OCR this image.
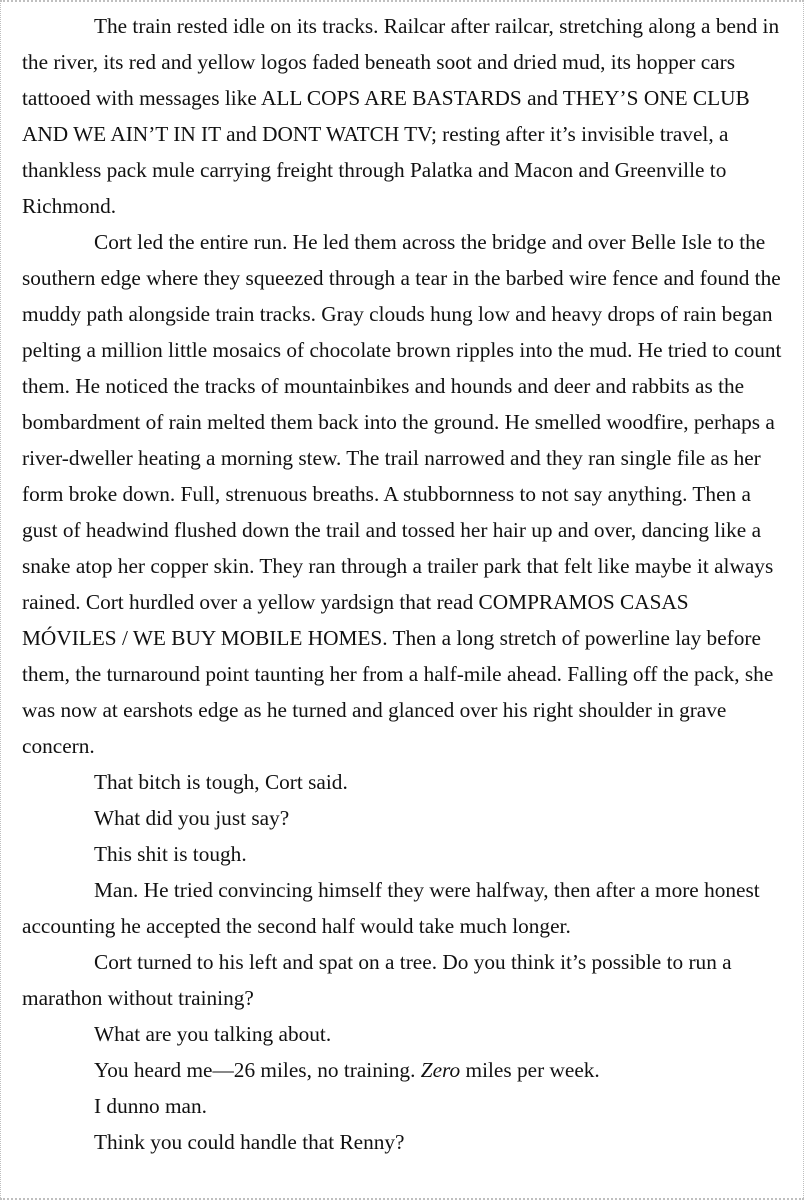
The train rested idle on its tracks. Railcar after railcar, stretching along a bend in the river, its red and yellow logos faded beneath soot and dried mud, its hopper cars tattooed with messages like ALL COPS ARE BASTARDS and THEY’S ONE CLUB AND WE AIN’T IN IT and DONT WATCH TV; resting after it’s invisible travel, a thankless pack mule carrying freight through Palatka and Macon and Greenville to Richmond.

Cort led the entire run. He led them across the bridge and over Belle Isle to the southern edge where they squeezed through a tear in the barbed wire fence and found the muddy path alongside train tracks. Gray clouds hung low and heavy drops of rain began pelting a million little mosaics of chocolate brown ripples into the mud. He tried to count them. He noticed the tracks of mountainbikes and hounds and deer and rabbits as the bombardment of rain melted them back into the ground. He smelled woodfire, perhaps a river-dweller heating a morning stew. The trail narrowed and they ran single file as her form broke down. Full, strenuous breaths. A stubbornness to not say anything. Then a gust of headwind flushed down the trail and tossed her hair up and over, dancing like a snake atop her copper skin. They ran through a trailer park that felt like maybe it always rained. Cort hurdled over a yellow yardsign that read COMPRAMOS CASAS MÓVILES / WE BUY MOBILE HOMES. Then a long stretch of powerline lay before them, the turnaround point taunting her from a half-mile ahead. Falling off the pack, she was now at earshots edge as he turned and glanced over his right shoulder in grave concern.

That bitch is tough, Cort said.

What did you just say?

This shit is tough.

Man. He tried convincing himself they were halfway, then after a more honest accounting he accepted the second half would take much longer.

Cort turned to his left and spat on a tree. Do you think it’s possible to run a marathon without training?

What are you talking about.

You heard me—26 miles, no training. Zero miles per week.

I dunno man.

Think you could handle that Renny?
